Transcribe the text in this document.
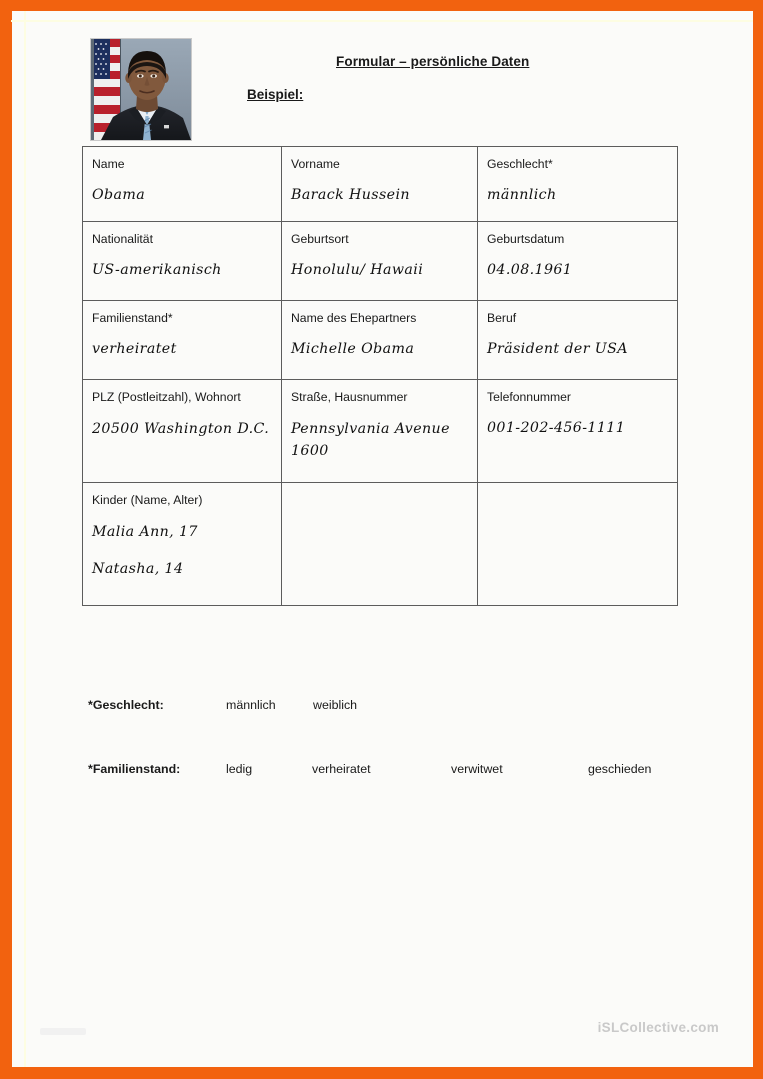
Formular – persönliche Daten
Beispiel:
Name
Obama

Vorname
Barack Hussein

Geschlecht*
männlich

Nationalität
US-amerikanisch

Geburtsort
Honolulu/ Hawaii

Geburtsdatum
04.08.1961

Familienstand*
verheiratet

Name des Ehepartners
Michelle Obama

Beruf
Präsident der USA

PLZ (Postleitzahl), Wohnort
20500 Washington D.C.

Straße, Hausnummer
Pennsylvania Avenue 1600

Telefonnummer
001-202-456-1111

Kinder (Name, Alter)
Malia Ann, 17
Natasha, 14		

*Geschlecht:	männlich	weiblich
*Familienstand:	ledig	verheiratet	verwitwet	geschieden
iSLCollective.com
